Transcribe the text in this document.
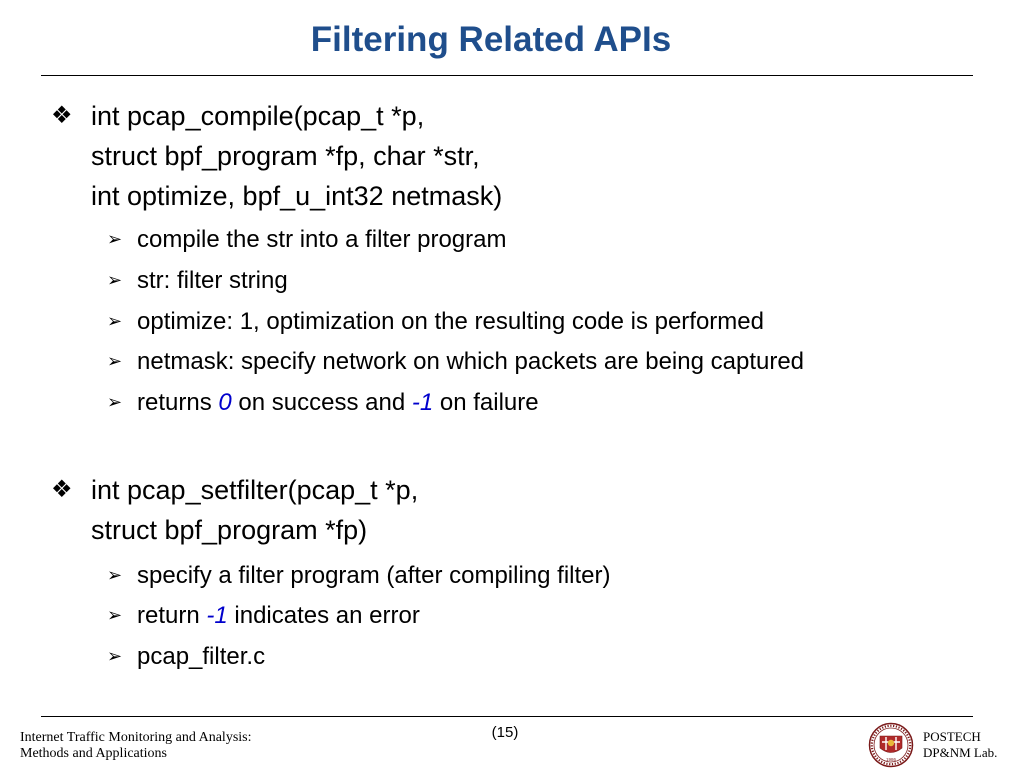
Filtering Related APIs
❖ int pcap_compile(pcap_t *p,
struct bpf_program *fp, char *str,
int optimize, bpf_u_int32 netmask)
➢ compile the str into a filter program
➢ str: filter string
➢ optimize: 1, optimization on the resulting code is performed
➢ netmask: specify network on which packets are being captured
➢ returns 0 on success and -1 on failure
❖ int pcap_setfilter(pcap_t *p,
struct bpf_program *fp)
➢ specify a filter program (after compiling filter)
➢ return -1 indicates an error
➢ pcap_filter.c
Internet Traffic Monitoring and Analysis:
Methods and Applications
(15)
1986
POSTECH
DP&NM Lab.
